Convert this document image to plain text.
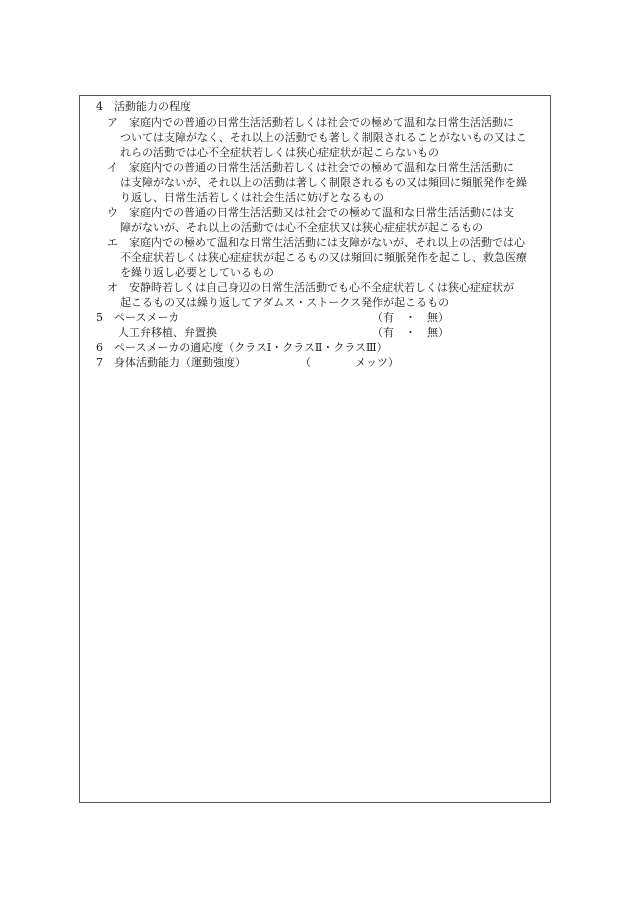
4　活動能力の程度
ア 家庭内での普通の日常生活活動若しくは社会での極めて温和な日常生活活動に
ついては支障がなく、それ以上の活動でも著しく制限されることがないもの又はこ
れらの活動では心不全症状若しくは狭心症症状が起こらないもの
イ 家庭内での普通の日常生活活動若しくは社会での極めて温和な日常生活活動に
は支障がないが、それ以上の活動は著しく制限されるもの又は頻回に頻脈発作を繰
り返し、日常生活若しくは社会生活に妨げとなるもの
ウ 家庭内での普通の日常生活活動又は社会での極めて温和な日常生活活動には支
障がないが、それ以上の活動では心不全症状又は狭心症症状が起こるもの
エ 家庭内での極めて温和な日常生活活動には支障がないが、それ以上の活動では心
不全症状若しくは狭心症症状が起こるもの又は頻回に頻脈発作を起こし、救急医療
を繰り返し必要としているもの
オ 安静時若しくは自己身辺の日常生活活動でも心不全症状若しくは狭心症症状が
起こるもの又は繰り返してアダムス・ストークス発作が起こるもの
5　ペースメーカ	（有　・　無）
人工弁移植、弁置換	（有　・　無）
6　ペースメーカの適応度（クラスⅠ・クラスⅡ・クラスⅢ）
7　身体活動能力（運動強度）	（　　　　メッツ）
